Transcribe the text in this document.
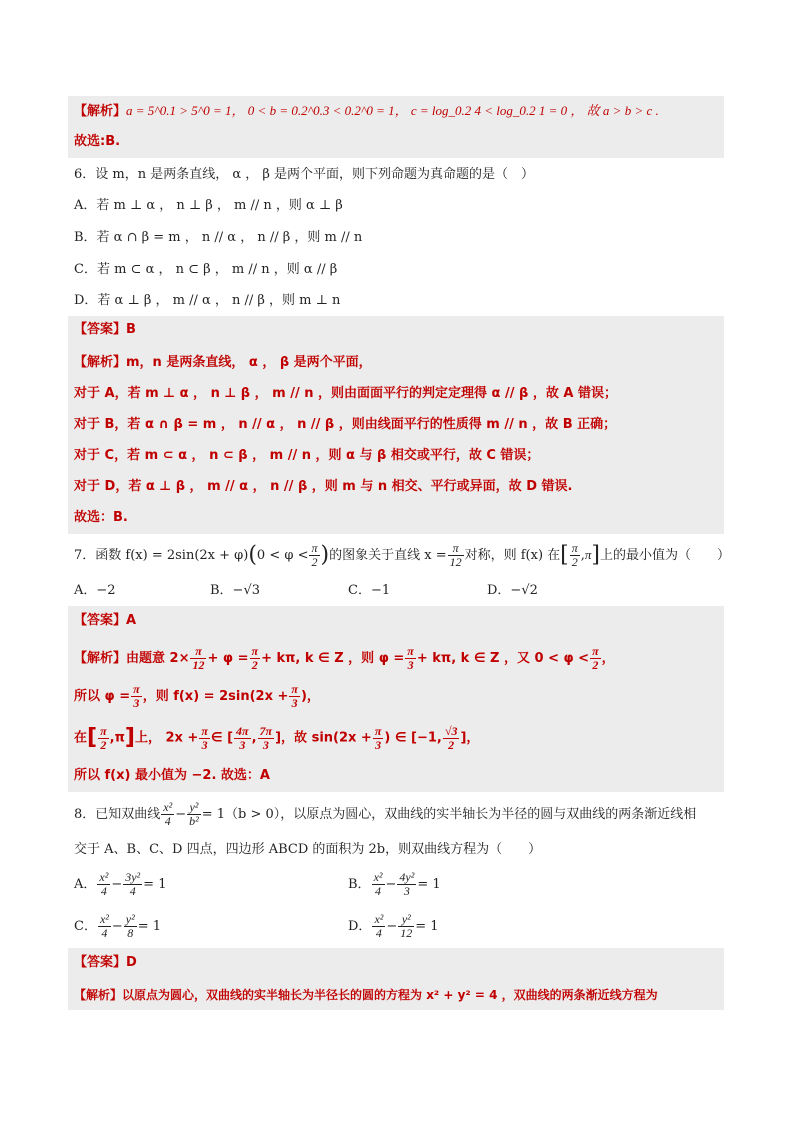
【解析】a = 5^0.1 > 5^0 = 1， 0 < b = 0.2^0.3 < 0.2^0 = 1， c = log_0.2 4 < log_0.2 1 = 0 ， 故 a > b > c .
故选:B.
6．设 m，n 是两条直线， α ， β 是两个平面，则下列命题为真命题的是（　）
A．若 m ⊥ α ， n ⊥ β ， m // n ，则 α ⊥ β
B．若 α ∩ β = m ， n // α ， n // β ，则 m // n
C．若 m ⊂ α ， n ⊂ β ， m // n ，则 α // β
D．若 α ⊥ β ， m // α ， n // β ，则 m ⊥ n
【答案】B
【解析】m，n 是两条直线， α ， β 是两个平面，
对于 A，若 m ⊥ α ， n ⊥ β ， m // n ，则由面面平行的判定定理得 α // β ，故 A 错误；
对于 B，若 α ∩ β = m ， n // α ， n // β ，则由线面平行的性质得 m // n ，故 B 正确；
对于 C，若 m ⊂ α ， n ⊂ β ， m // n ，则 α 与 β 相交或平行，故 C 错误；
对于 D，若 α ⊥ β ， m // α ， n // β ，则 m 与 n 相交、平行或异面，故 D 错误.
故选：B.
7．函数 $f(x) = 2\sin(2x + \varphi)(0 < \varphi < \frac{\pi}{2}$ )的图象关于直线 $x = \frac{\pi}{12}$ 对称，则 f(x) 在[ $\frac{\pi}{2} ,\pi$]上的最小值为（　　）
A．−2	B．−√3	C．−1	D．−√2
【答案】A
【解析】由题意 $2\times \frac{\pi}{12} + \varphi = \frac{\pi}{2} + k\pi$, k ∈ Z ，则 $\varphi = \frac{\pi}{3} + k\pi$, k ∈ Z ，又 $0 < \varphi < \frac{\pi}{2}$ ，
所以 $\varphi = \frac{\pi}{3}$ ，则 $f(x) = 2\sin(2x + \frac{\pi}{3}$ )，
在[ $\frac{\pi}{2} ,\pi$]上， $2x + \frac{\pi}{3}$ ∈ [ $\frac{4\pi}{3}$ , $\frac{7\pi}{3}$ ]，故 $\sin(2x + \frac{\pi}{3}$ ) ∈ [−1, $\frac{√3}{2}$ ]，
所以 f(x) 最小值为 −2. 故选：A
8．已知双曲线 $\frac{\text{x²}}{4} - \frac{\text{y²}}{\text{b²}} = 1(b > 0)$，以原点为圆心，双曲线的实半轴长为半径的圆与双曲线的两条渐近线相
交于 A、B、C、D 四点，四边形 ABCD 的面积为 2b，则双曲线方程为（　　）
A． $\frac{\text{x²}}{4} - \frac{\text{3y²}}{4} = 1$	B． $\frac{\text{x²}}{4} - \frac{\text{4y²}}{3} = 1$
C． $\frac{\text{x²}}{4} - \frac{\text{y²}}{8} = 1$	D． $\frac{\text{x²}}{4} - \frac{\text{y²}}{12} = 1$
【答案】D
【解析】以原点为圆心，双曲线的实半轴长为半径长的圆的方程为 x² + y² = 4 ，双曲线的两条渐近线方程为
